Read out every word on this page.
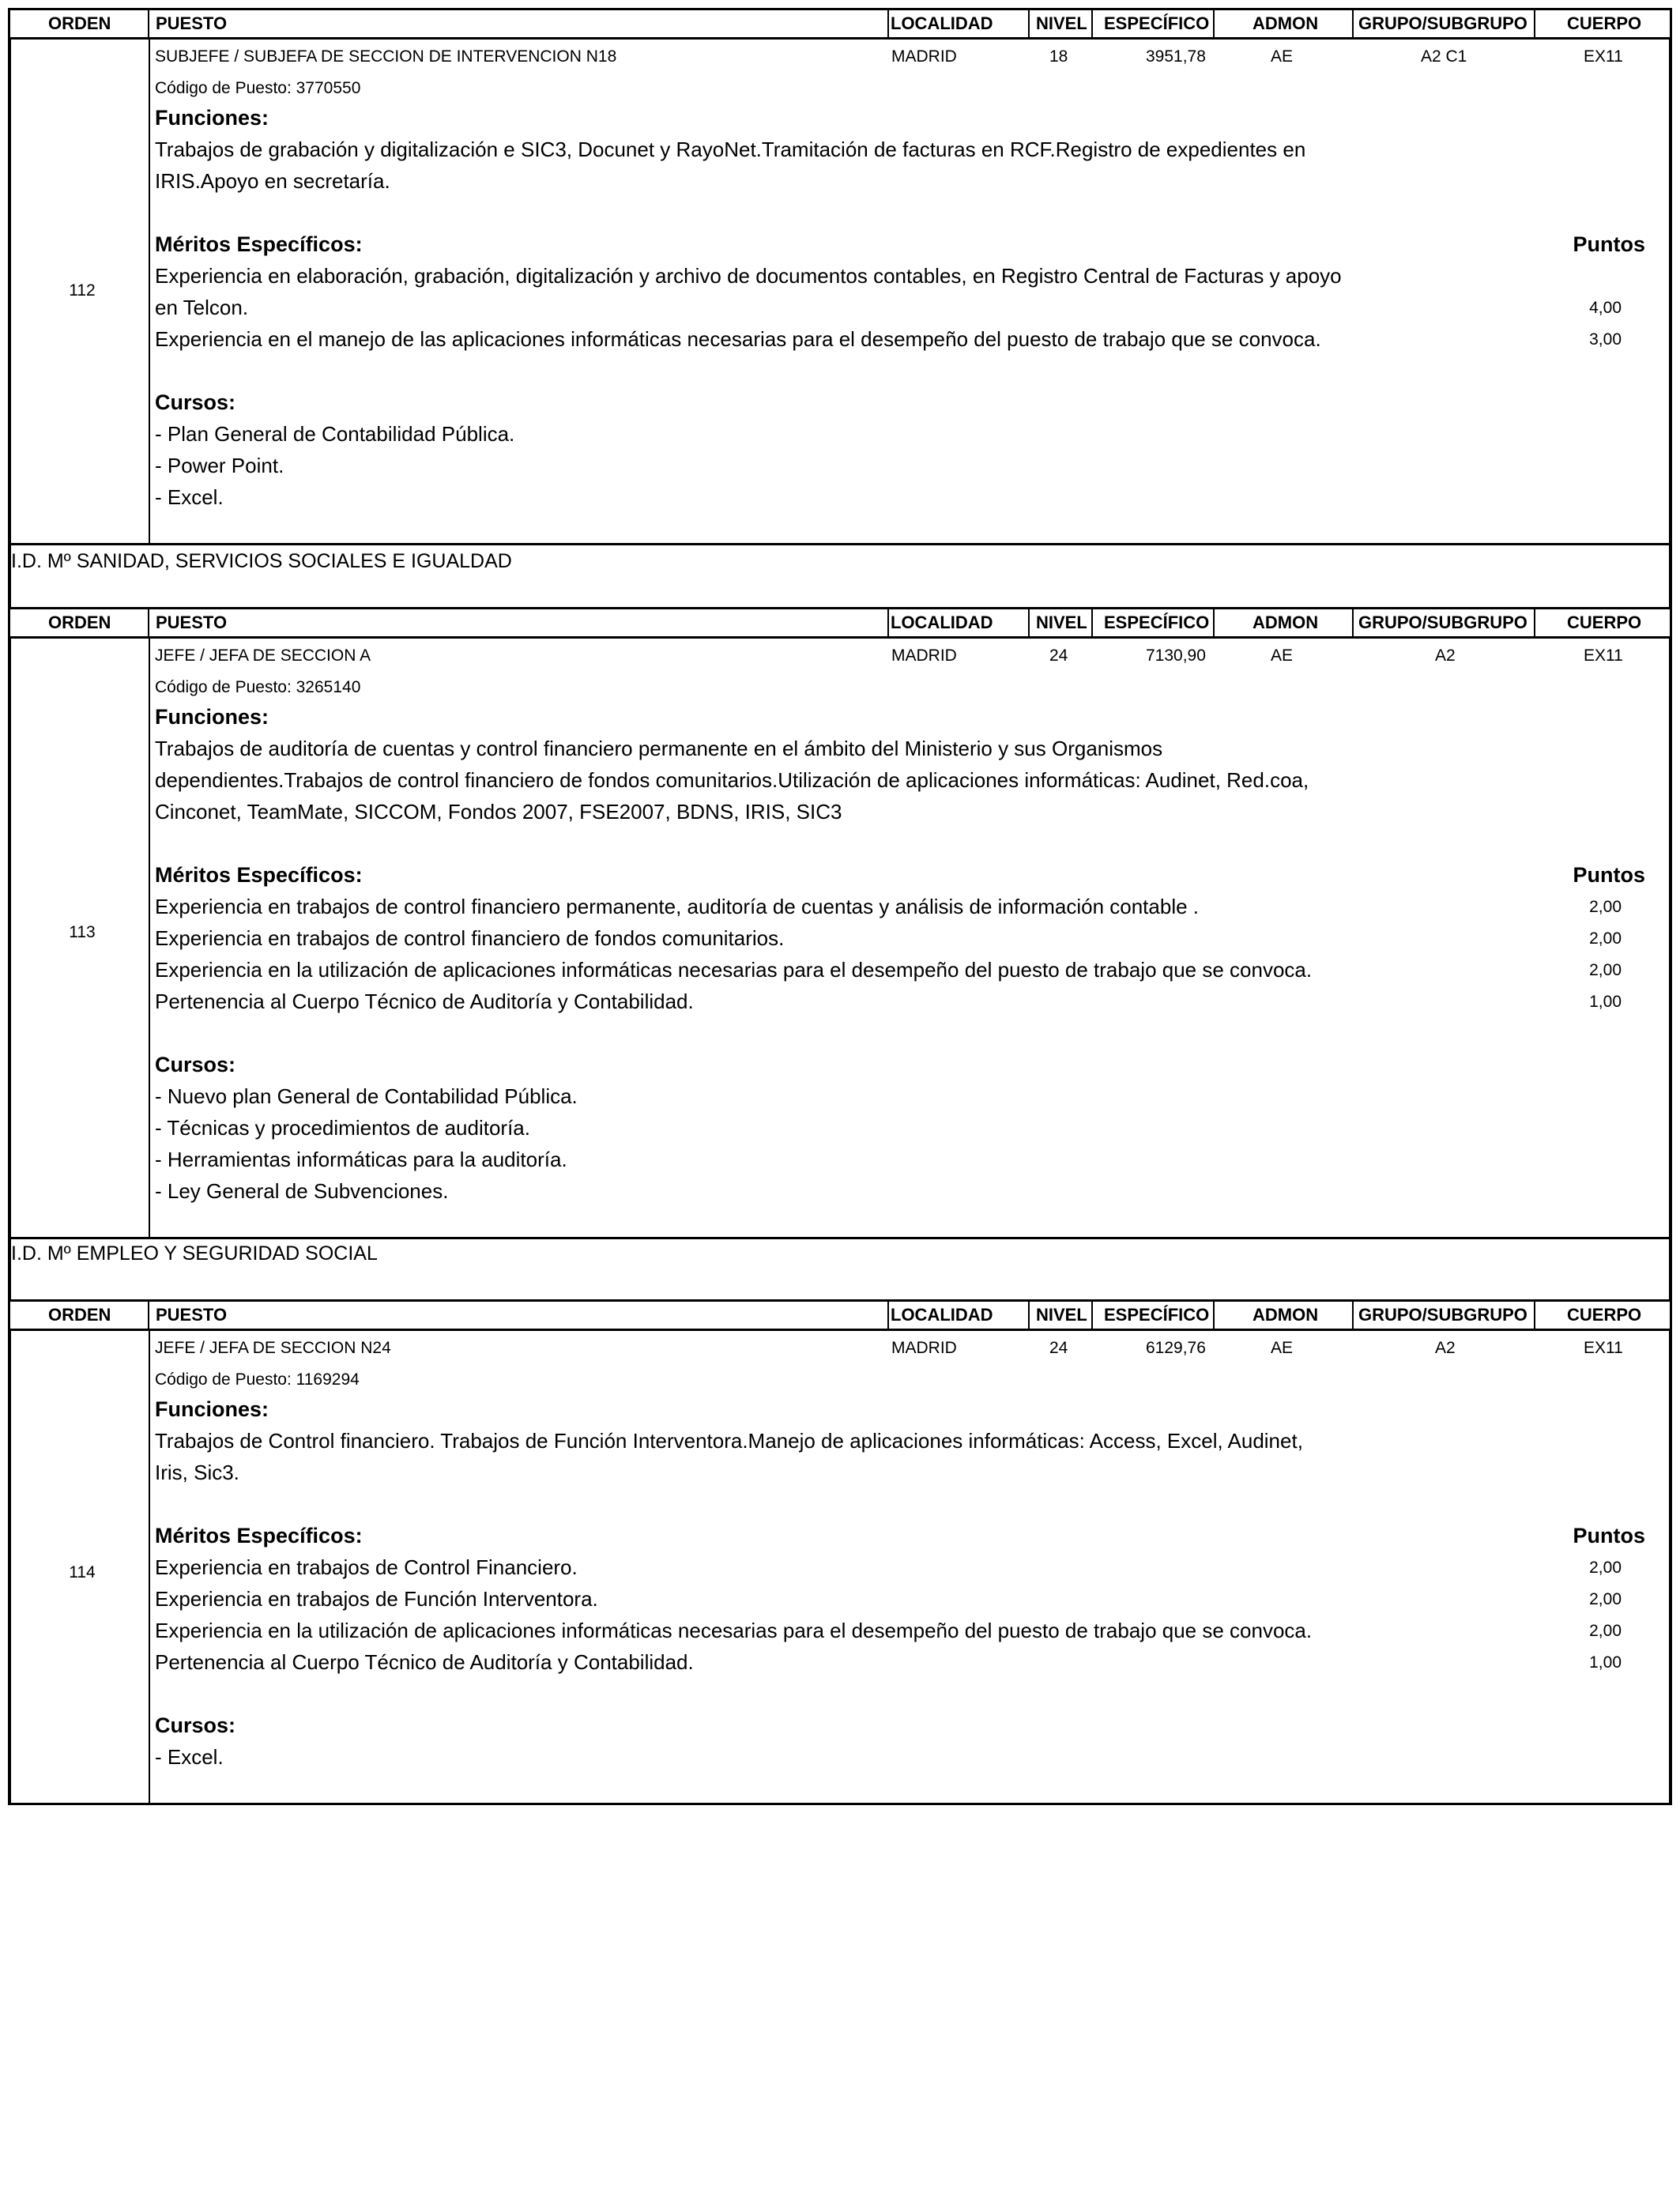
ORDEN	PUESTO	LOCALIDAD NIVEL ESPECÍFICO ADMON GRUPO/SUBGRUPO CUERPO
112
SUBJEFE / SUBJEFA DE SECCION DE INTERVENCION N18	MADRID	18	3951,78	AE	A2 C1	EX11
Código de Puesto: 3770550
Funciones:
Trabajos de grabación y digitalización e SIC3, Docunet y RayoNet.Tramitación de facturas en RCF.Registro de expedientes en
IRIS.Apoyo en secretaría.
Méritos Específicos:	Puntos
Experiencia en elaboración, grabación, digitalización y archivo de documentos contables, en Registro Central de Facturas y apoyo
en Telcon.	4,00
Experiencia en el manejo de las aplicaciones informáticas necesarias para el desempeño del puesto de trabajo que se convoca.	3,00
Cursos:
- Plan General de Contabilidad Pública.
- Power Point.
- Excel.
I.D. Mº SANIDAD, SERVICIOS SOCIALES E IGUALDAD
ORDEN	PUESTO	LOCALIDAD NIVEL ESPECÍFICO ADMON GRUPO/SUBGRUPO CUERPO
113
JEFE / JEFA DE SECCION A	MADRID	24	7130,90	AE	A2	EX11
Código de Puesto: 3265140
Funciones:
Trabajos de auditoría de cuentas y control financiero permanente en el ámbito del Ministerio y sus Organismos
dependientes.Trabajos de control financiero de fondos comunitarios.Utilización de aplicaciones informáticas: Audinet, Red.coa,
Cinconet, TeamMate, SICCOM, Fondos 2007, FSE2007, BDNS, IRIS, SIC3
Méritos Específicos:	Puntos
Experiencia en trabajos de control financiero permanente, auditoría de cuentas y análisis de información contable .	2,00
Experiencia en trabajos de control financiero de fondos comunitarios.	2,00
Experiencia en la utilización de aplicaciones informáticas necesarias para el desempeño del puesto de trabajo que se convoca.	2,00
Pertenencia al Cuerpo Técnico de Auditoría y Contabilidad.	1,00
Cursos:
- Nuevo plan General de Contabilidad Pública.
- Técnicas y procedimientos de auditoría.
- Herramientas informáticas para la auditoría.
- Ley General de Subvenciones.
I.D. Mº EMPLEO Y SEGURIDAD SOCIAL
ORDEN	PUESTO	LOCALIDAD NIVEL ESPECÍFICO ADMON GRUPO/SUBGRUPO CUERPO
114
JEFE / JEFA DE SECCION N24	MADRID	24	6129,76	AE	A2	EX11
Código de Puesto: 1169294
Funciones:
Trabajos de Control financiero. Trabajos de Función Interventora.Manejo de aplicaciones informáticas: Access, Excel, Audinet,
Iris, Sic3.
Méritos Específicos:	Puntos
Experiencia en trabajos de Control Financiero.	2,00
Experiencia en trabajos de Función Interventora.	2,00
Experiencia en la utilización de aplicaciones informáticas necesarias para el desempeño del puesto de trabajo que se convoca.	2,00
Pertenencia al Cuerpo Técnico de Auditoría y Contabilidad.	1,00
Cursos:
- Excel.
